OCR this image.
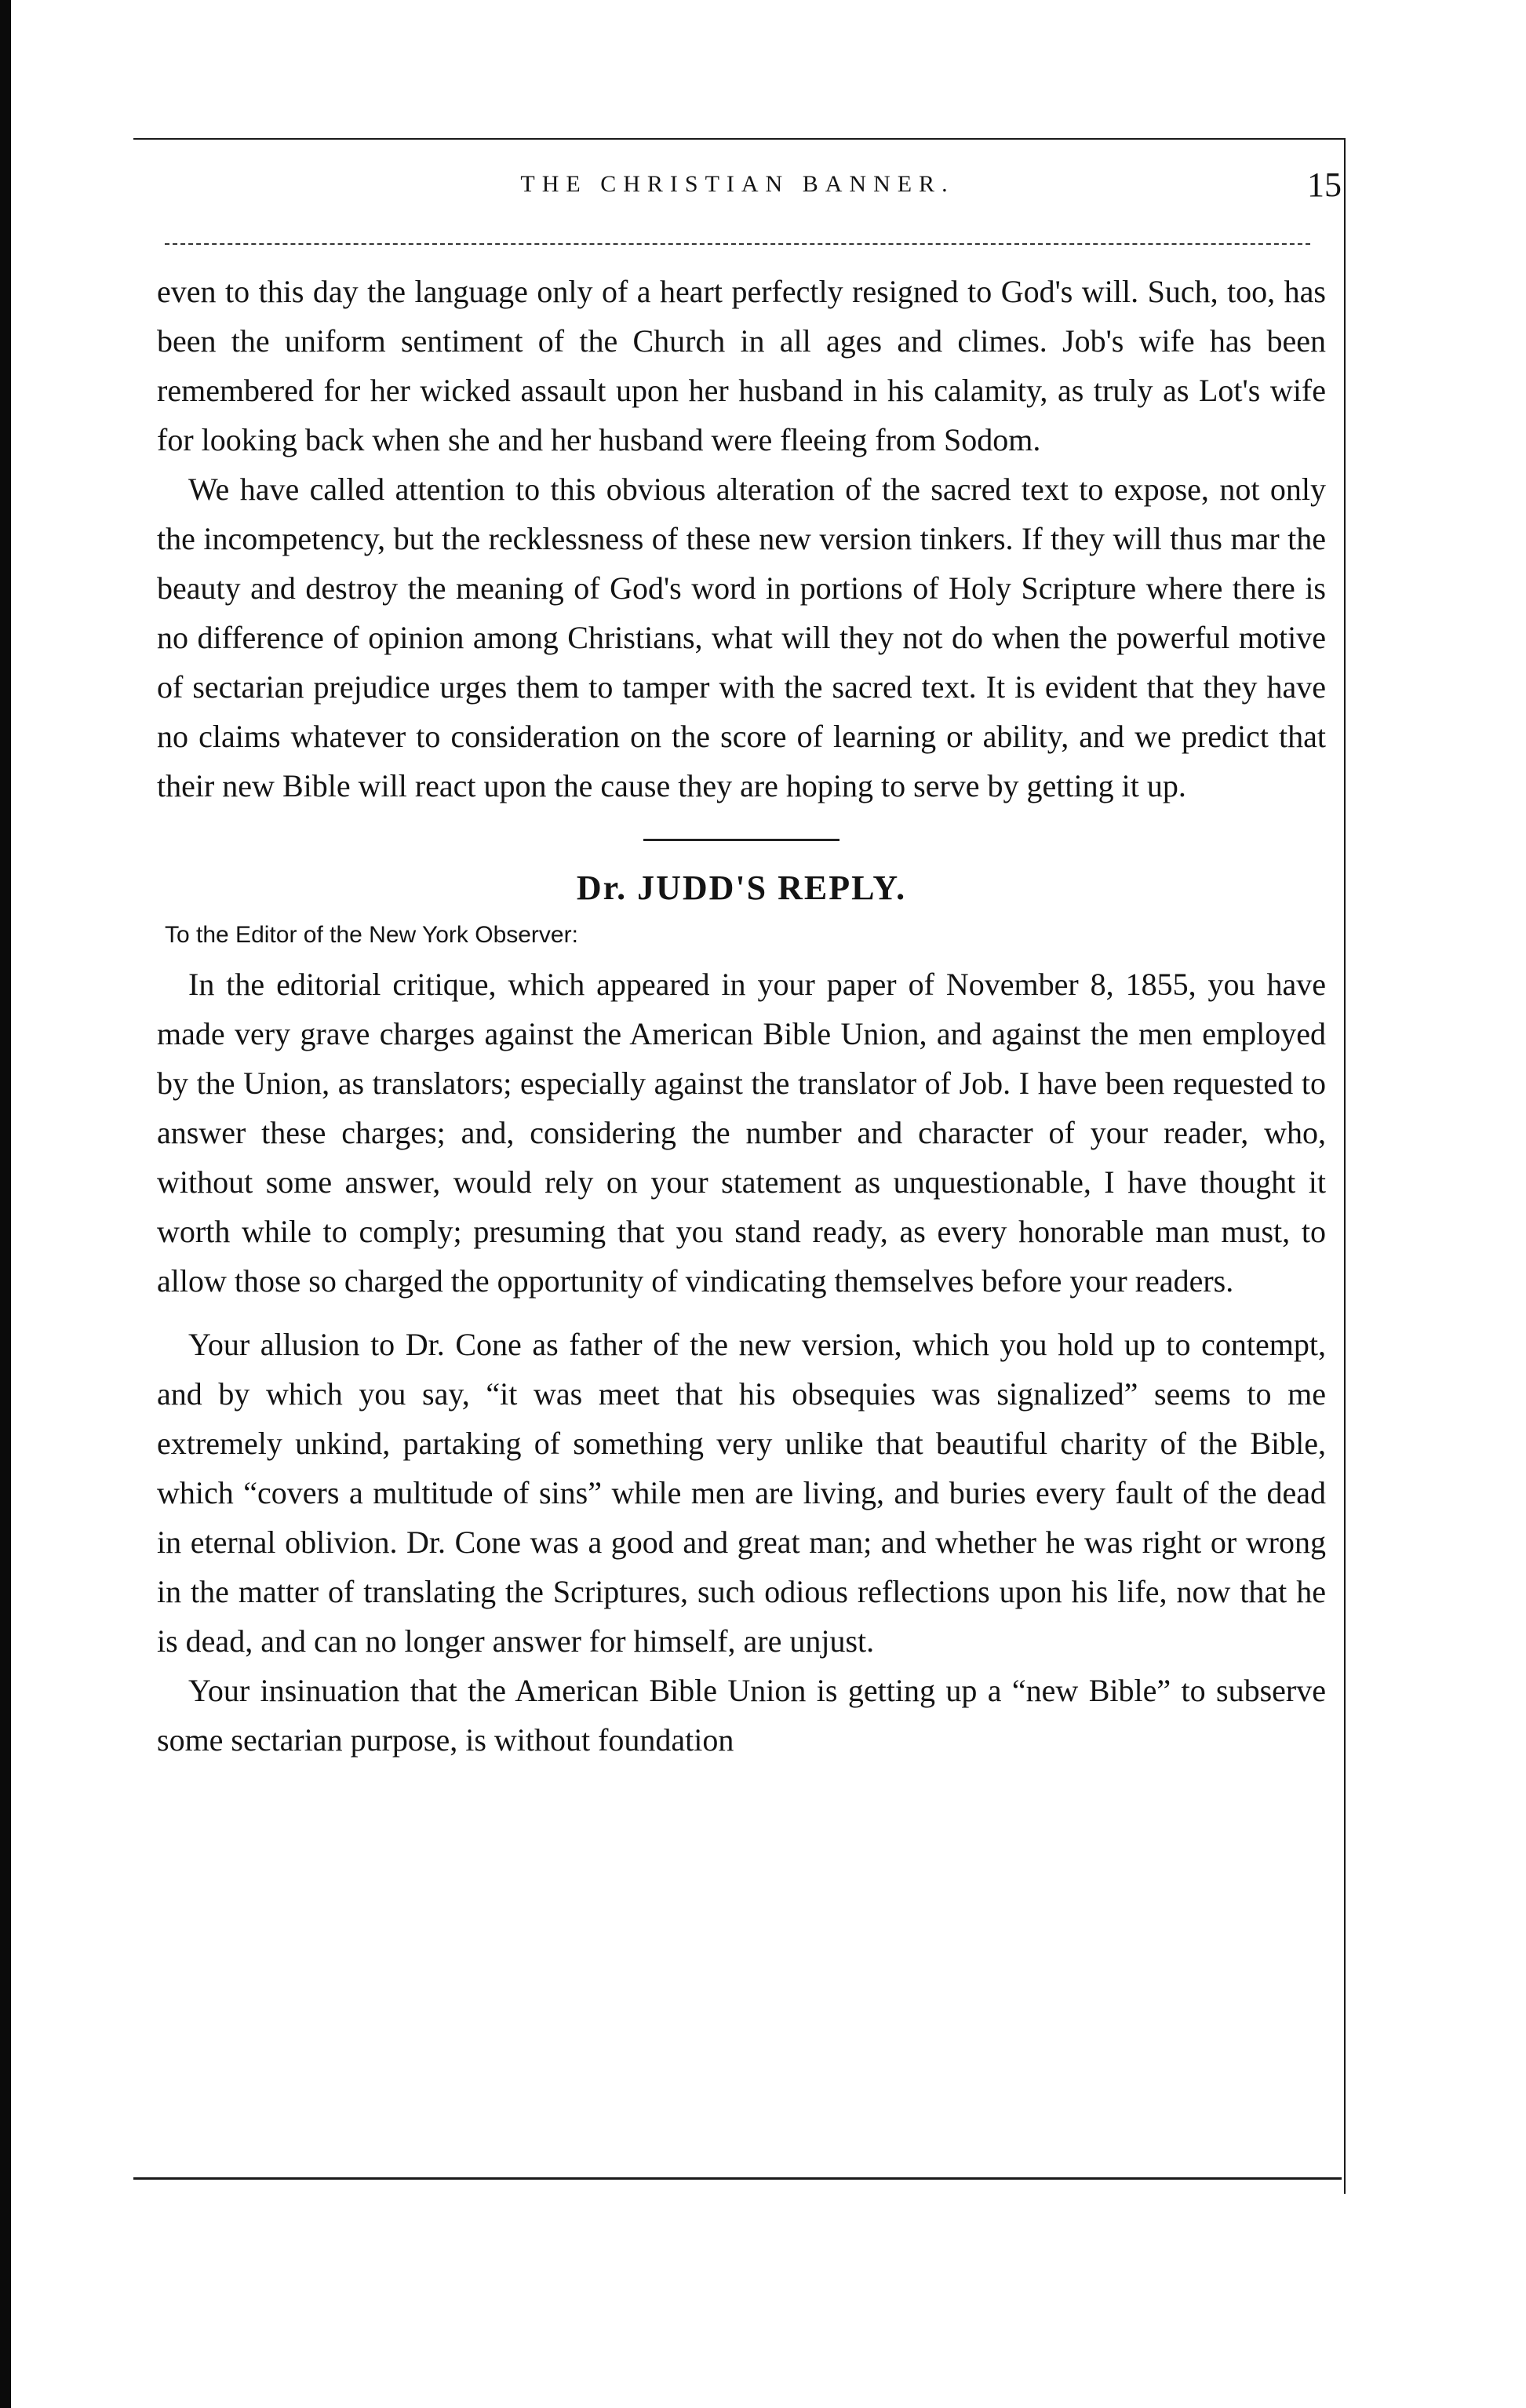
THE CHRISTIAN BANNER.	15

even to this day the language only of a heart perfectly resigned to God's will. Such, too, has been the uniform sentiment of the Church in all ages and climes. Job's wife has been remembered for her wicked assault upon her husband in his calamity, as truly as Lot's wife for looking back when she and her husband were fleeing from Sodom.

We have called attention to this obvious alteration of the sacred text to expose, not only the incompetency, but the recklessness of these new version tinkers. If they will thus mar the beauty and destroy the meaning of God's word in portions of Holy Scripture where there is no difference of opinion among Christians, what will they not do when the powerful motive of sectarian prejudice urges them to tamper with the sacred text. It is evident that they have no claims whatever to consideration on the score of learning or ability, and we predict that their new Bible will react upon the cause they are hoping to serve by getting it up.

Dr. JUDD'S REPLY.

To the Editor of the New York Observer:

In the editorial critique, which appeared in your paper of November 8, 1855, you have made very grave charges against the American Bible Union, and against the men employed by the Union, as translators; especially against the translator of Job. I have been requested to answer these charges; and, considering the number and character of your reader, who, without some answer, would rely on your statement as unquestionable, I have thought it worth while to comply; presuming that you stand ready, as every honorable man must, to allow those so charged the opportunity of vindicating themselves before your readers.

Your allusion to Dr. Cone as father of the new version, which you hold up to contempt, and by which you say, “it was meet that his obsequies was signalized” seems to me extremely unkind, partaking of something very unlike that beautiful charity of the Bible, which “covers a multitude of sins” while men are living, and buries every fault of the dead in eternal oblivion. Dr. Cone was a good and great man; and whether he was right or wrong in the matter of translating the Scriptures, such odious reflections upon his life, now that he is dead, and can no longer answer for himself, are unjust.

Your insinuation that the American Bible Union is getting up a “new Bible” to subserve some sectarian purpose, is without foundation
